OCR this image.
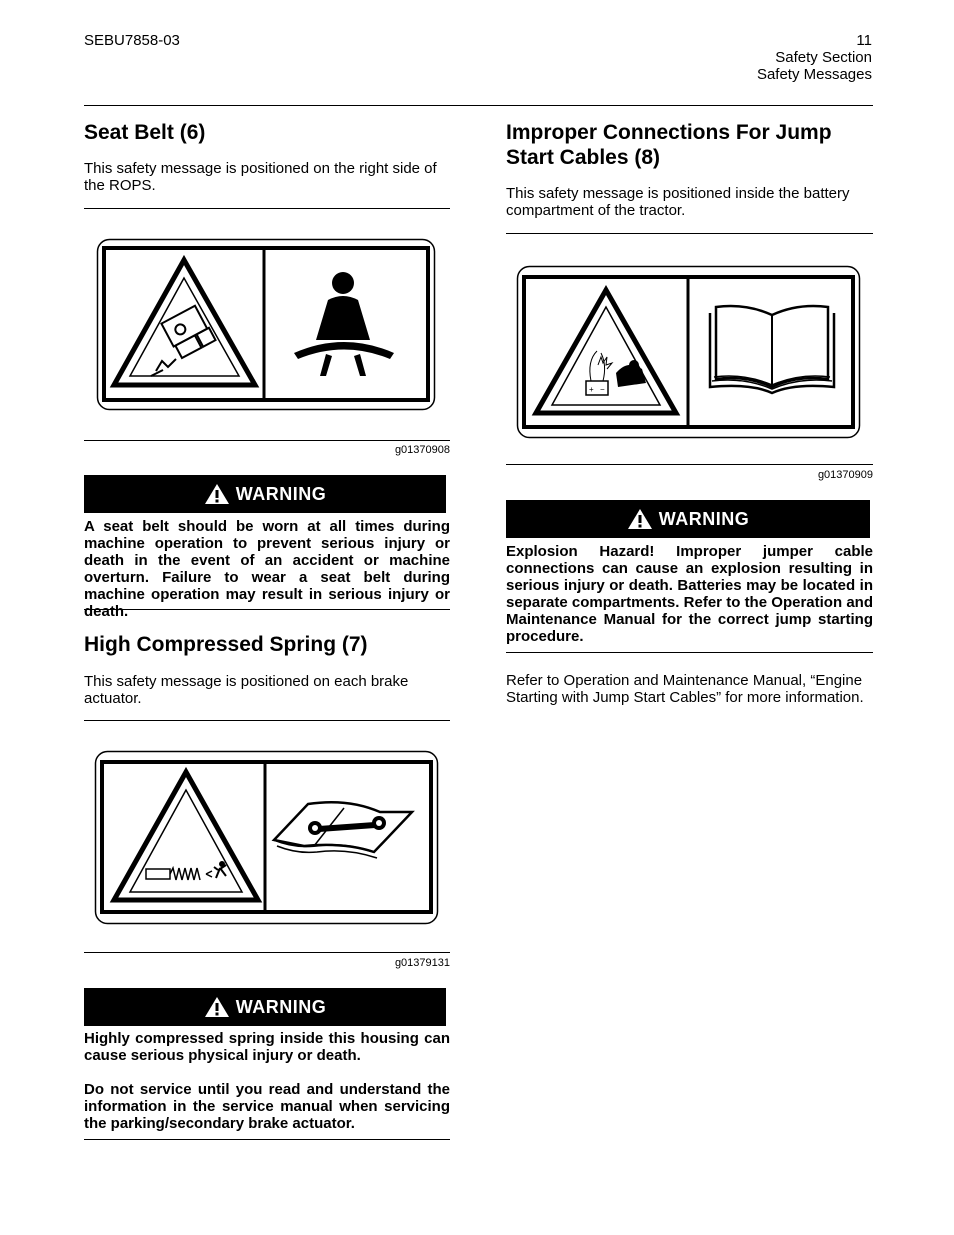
SEBU7858-03	11
Safety Section
Safety Messages
Seat Belt (6)

This safety message is positioned on the right side of the ROPS.

g01370908
WARNING

A seat belt should be worn at all times during machine operation to prevent serious injury or death in the event of an accident or machine overturn. Failure to wear a seat belt during machine operation may result in serious injury or death.

High Compressed Spring (7)

This safety message is positioned on each brake actuator.

g01379131
WARNING

Highly compressed spring inside this housing can cause serious physical injury or death.

Do not service until you read and understand the information in the service manual when servicing the parking/secondary brake actuator.

Improper Connections For Jump Start Cables (8)

This safety message is positioned inside the battery compartment of the tractor.

+ −
g01370909
WARNING

Explosion Hazard! Improper jumper cable connections can cause an explosion resulting in serious injury or death. Batteries may be located in separate compartments. Refer to the Operation and Maintenance Manual for the correct jump starting procedure.

Refer to Operation and Maintenance Manual, “Engine Starting with Jump Start Cables” for more information.
